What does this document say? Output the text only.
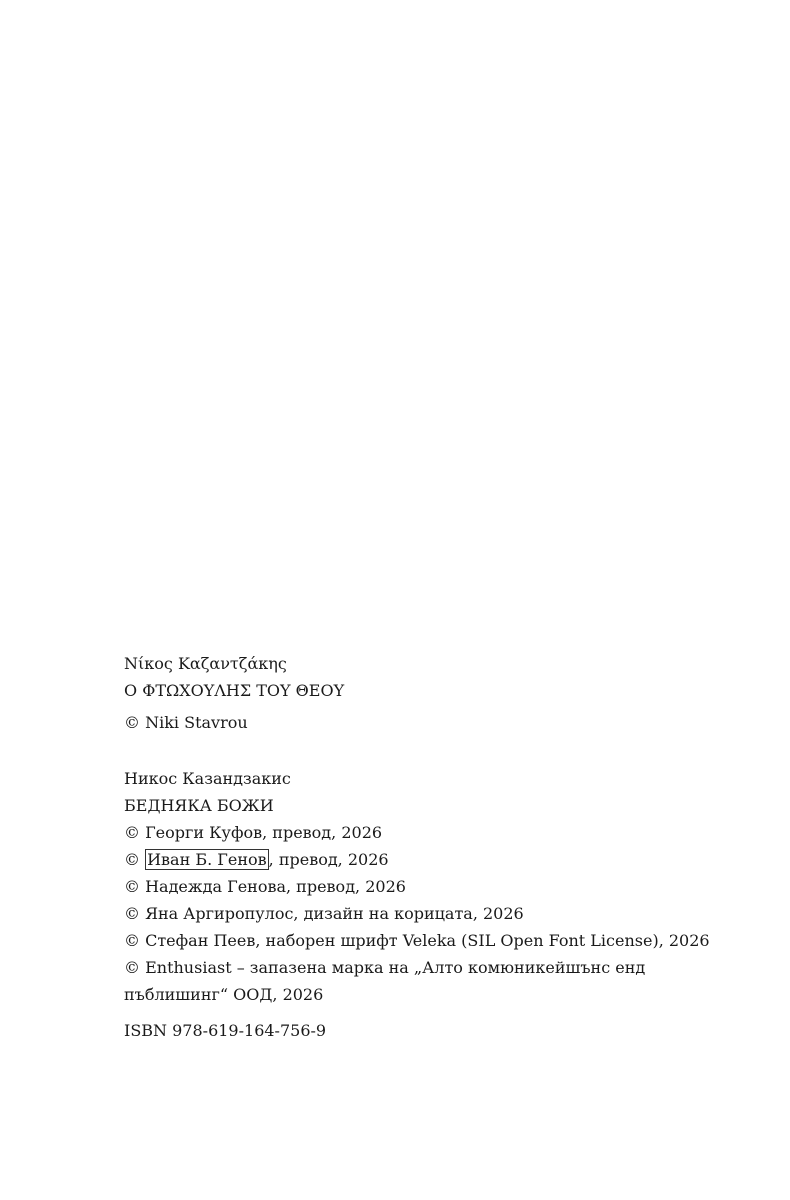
Νίκος Καζαντζάκης
Ο ΦΤΩΧΟΥΛΗΣ ΤΟΥ ΘΕΟΥ
© Niki Stavrou
Никос Казандзакис
БЕДНЯКА БОЖИ
© Георги Куфов, превод, 2026
© Иван Б. Генов , превод, 2026
© Надежда Генова, превод, 2026
© Яна Аргиропулос, дизайн на корицата, 2026
© Стефан Пеев, наборен шрифт Veleka (SIL Open Font License), 2026
© Enthusiast – запазена марка на „Алто комюникейшънс енд
пъблишинг“ ООД, 2026
ISBN 978-619-164-756-9
